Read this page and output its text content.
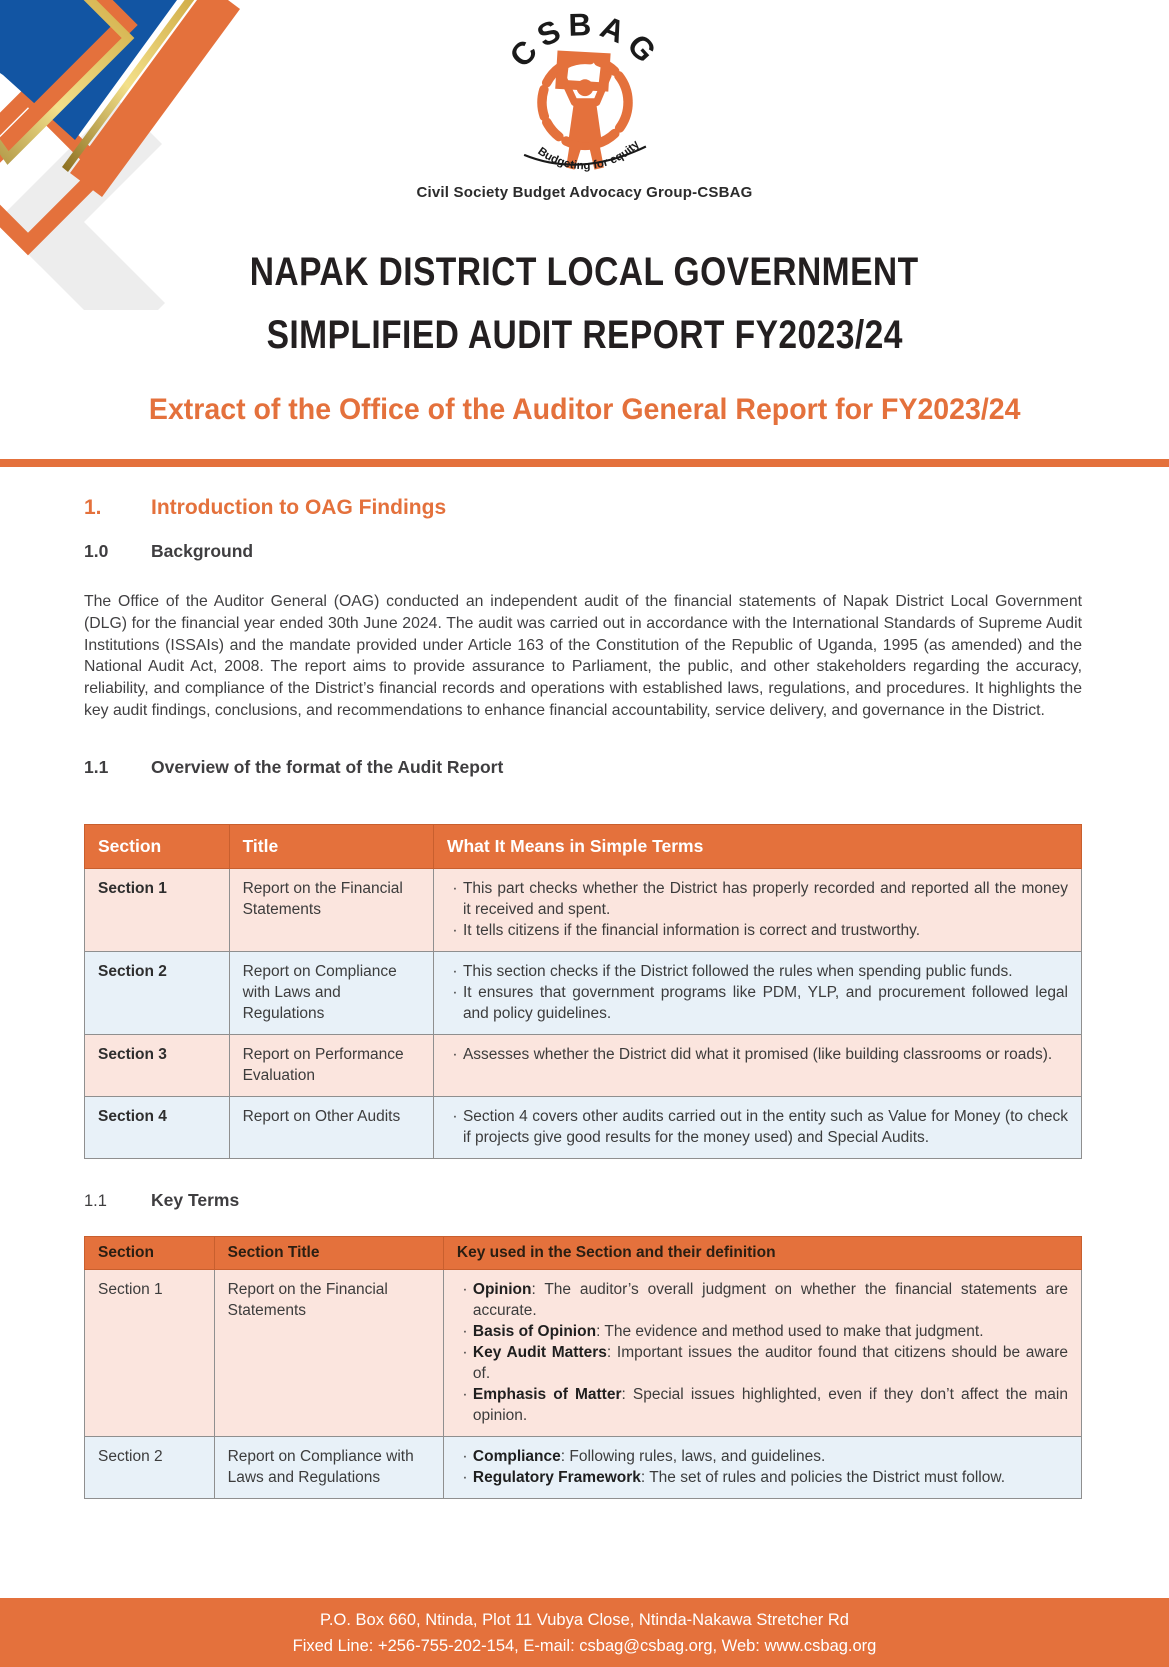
CSBAG
Budgeting for equity
Civil Society Budget Advocacy Group-CSBAG
NAPAK DISTRICT LOCAL GOVERNMENT
SIMPLIFIED AUDIT REPORT FY2023/24
Extract of the Office of the Auditor General Report for FY2023/24
1.	Introduction to OAG Findings
1.0	Background

The Office of the Auditor General (OAG) conducted an independent audit of the financial statements of Napak District Local Government (DLG) for the financial year ended 30th June 2024. The audit was carried out in accordance with the International Standards of Supreme Audit Institutions (ISSAIs) and the mandate provided under Article 163 of the Constitution of the Republic of Uganda, 1995 (as amended) and the National Audit Act, 2008. The report aims to provide assurance to Parliament, the public, and other stakeholders regarding the accuracy, reliability, and compliance of the District’s financial records and operations with established laws, regulations, and procedures. It highlights the key audit findings, conclusions, and recommendations to enhance financial accountability, service delivery, and governance in the District.

1.1	Overview of the format of the Audit Report
Section	Title	What It Means in Simple Terms
Section 1	Report on the Financial Statements	· This part checks whether the District has properly recorded and reported all the money it received and spent.
· It tells citizens if the financial information is correct and trustworthy.

Section 2	Report on Compliance with Laws and Regulations	· This section checks if the District followed the rules when spending public funds.
· It ensures that government programs like PDM, YLP, and procurement followed legal and policy guidelines.

Section 3	Report on Performance Evaluation	· Assesses whether the District did what it promised (like building classrooms or roads).

Section 4	Report on Other Audits	· Section 4 covers other audits carried out in the entity such as Value for Money (to check if projects give good results for the money used) and Special Audits.
1.1	Key Terms
Section	Section Title	Key used in the Section and their definition
Section 1	Report on the Financial Statements	
· Opinion: The auditor’s overall judgment on whether the financial statements are accurate.
· Basis of Opinion: The evidence and method used to make that judgment.
· Key Audit Matters: Important issues the auditor found that citizens should be aware of.
· Emphasis of Matter: Special issues highlighted, even if they don’t affect the main opinion.

Section 2	Report on Compliance with Laws and Regulations	· Compliance: Following rules, laws, and guidelines.
· Regulatory Framework: The set of rules and policies the District must follow.
P.O. Box 660, Ntinda, Plot 11 Vubya Close, Ntinda-Nakawa Stretcher Rd
Fixed Line: +256-755-202-154, E-mail: csbag@csbag.org, Web: www.csbag.org
